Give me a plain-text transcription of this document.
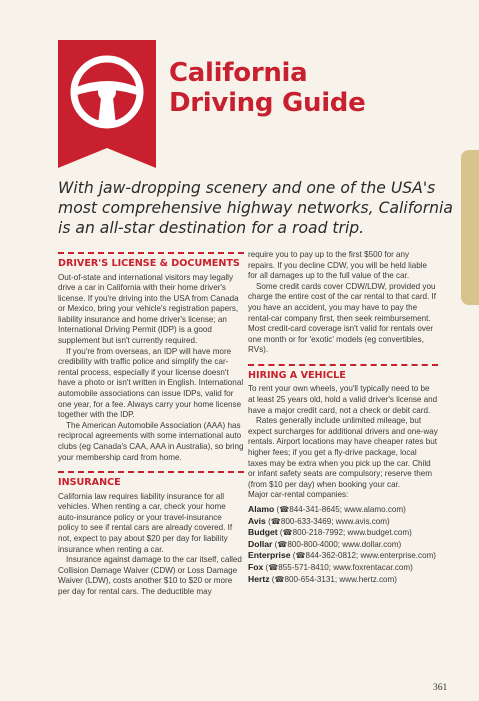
California
Driving Guide
With jaw-dropping scenery and one of the USA's most comprehensive highway networks, California is an all-star destination for a road trip.
DRIVER'S LICENSE & DOCUMENTS

Out-of-state and international visitors may legally drive a car in California with their home driver's license. If you're driving into the USA from Canada or Mexico, bring your vehicle's registration papers, liability insurance and home driver's license; an International Driving Permit (IDP) is a good supplement but isn't currently required.

If you're from overseas, an IDP will have more credibility with traffic police and simplify the car-rental process, especially if your license doesn't have a photo or isn't written in English. International automobile associations can issue IDPs, valid for one year, for a fee. Always carry your home license together with the IDP.

The American Automobile Association (AAA) has reciprocal agreements with some international auto clubs (eg Canada's CAA, AAA in Australia), so bring your membership card from home.

INSURANCE

California law requires liability insurance for all vehicles. When renting a car, check your home auto-insurance policy or your travel-insurance policy to see if rental cars are already covered. If not, expect to pay about $20 per day for liability insurance when renting a car.

Insurance against damage to the car itself, called Collision Damage Waiver (CDW) or Loss Damage Waiver (LDW), costs another $10 to $20 or more per day for rental cars. The deductible may

require you to pay up to the first $500 for any repairs. If you decline CDW, you will be held liable for all damages up to the full value of the car.

Some credit cards cover CDW/LDW, provided you charge the entire cost of the car rental to that card. If you have an accident, you may have to pay the rental-car company first, then seek reimbursement. Most credit-card coverage isn't valid for rentals over one month or for 'exotic' models (eg convertibles, RVs).

HIRING A VEHICLE

To rent your own wheels, you'll typically need to be at least 25 years old, hold a valid driver's license and have a major credit card, not a check or debit card.

Rates generally include unlimited mileage, but expect surcharges for additional drivers and one-way rentals. Airport locations may have cheaper rates but higher fees; if you get a fly-drive package, local taxes may be extra when you pick up the car. Child or infant safety seats are compulsory; reserve them (from $10 per day) when booking your car.

Major car-rental companies:

Alamo (☎844-341-8645; www.alamo.com)

Avis (☎800-633-3469; www.avis.com)

Budget (☎800-218-7992; www.budget.com)

Dollar (☎800-800-4000; www.dollar.com)

Enterprise (☎844-362-0812; www.enterprise.com)

Fox (☎855-571-8410; www.foxrentacar.com)

Hertz (☎800-654-3131; www.hertz.com)

361
